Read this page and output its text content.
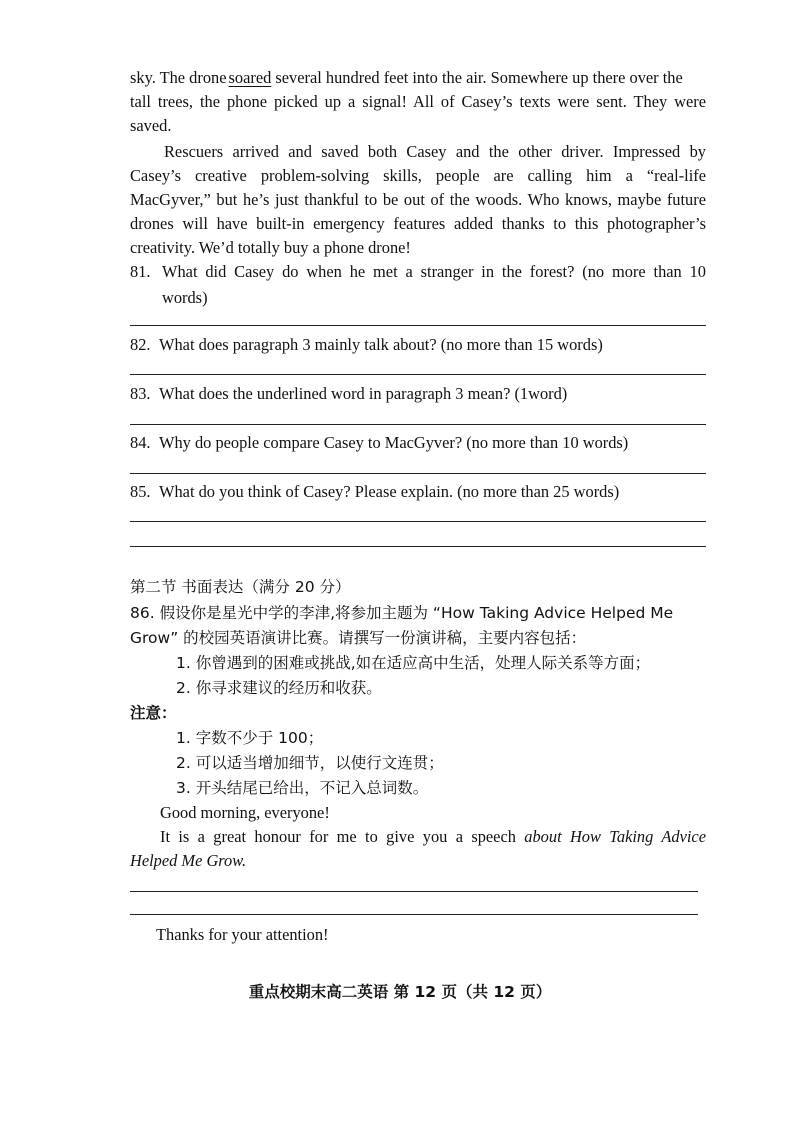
sky. The drone soared several hundred feet into the air. Somewhere up there over the
tall trees, the phone picked up a signal! All of Casey’s texts were sent. They were
saved.
Rescuers arrived and saved both Casey and the other driver. Impressed by
Casey’s creative problem-solving skills, people are calling him a “real-life
MacGyver,” but he’s just thankful to be out of the woods. Who knows, maybe future
drones will have built-in emergency features added thanks to this photographer’s
creativity. We’d totally buy a phone drone!
81. What did Casey do when he met a stranger in the forest? (no more than 10
words)
82. What does paragraph 3 mainly talk about? (no more than 15 words)
83. What does the underlined word in paragraph 3 mean? (1word)
84. Why do people compare Casey to MacGyver? (no more than 10 words)
85. What do you think of Casey? Please explain. (no more than 25 words)
第二节 书面表达（满分 20 分）
86. 假设你是星光中学的李津,将参加主题为 “How Taking Advice Helped Me
Grow” 的校园英语演讲比赛。请撰写一份演讲稿，主要内容包括：
1. 你曾遇到的困难或挑战,如在适应高中生活，处理人际关系等方面；
2. 你寻求建议的经历和收获。
注意：
1. 字数不少于 100；
2. 可以适当增加细节，以使行文连贯；
3. 开头结尾已给出，不记入总词数。
Good morning, everyone!
It is a great honour for me to give you a speech about How Taking Advice
Helped Me Grow.
Thanks for your attention!
重点校期末高二英语 第 12 页（共 12 页）
